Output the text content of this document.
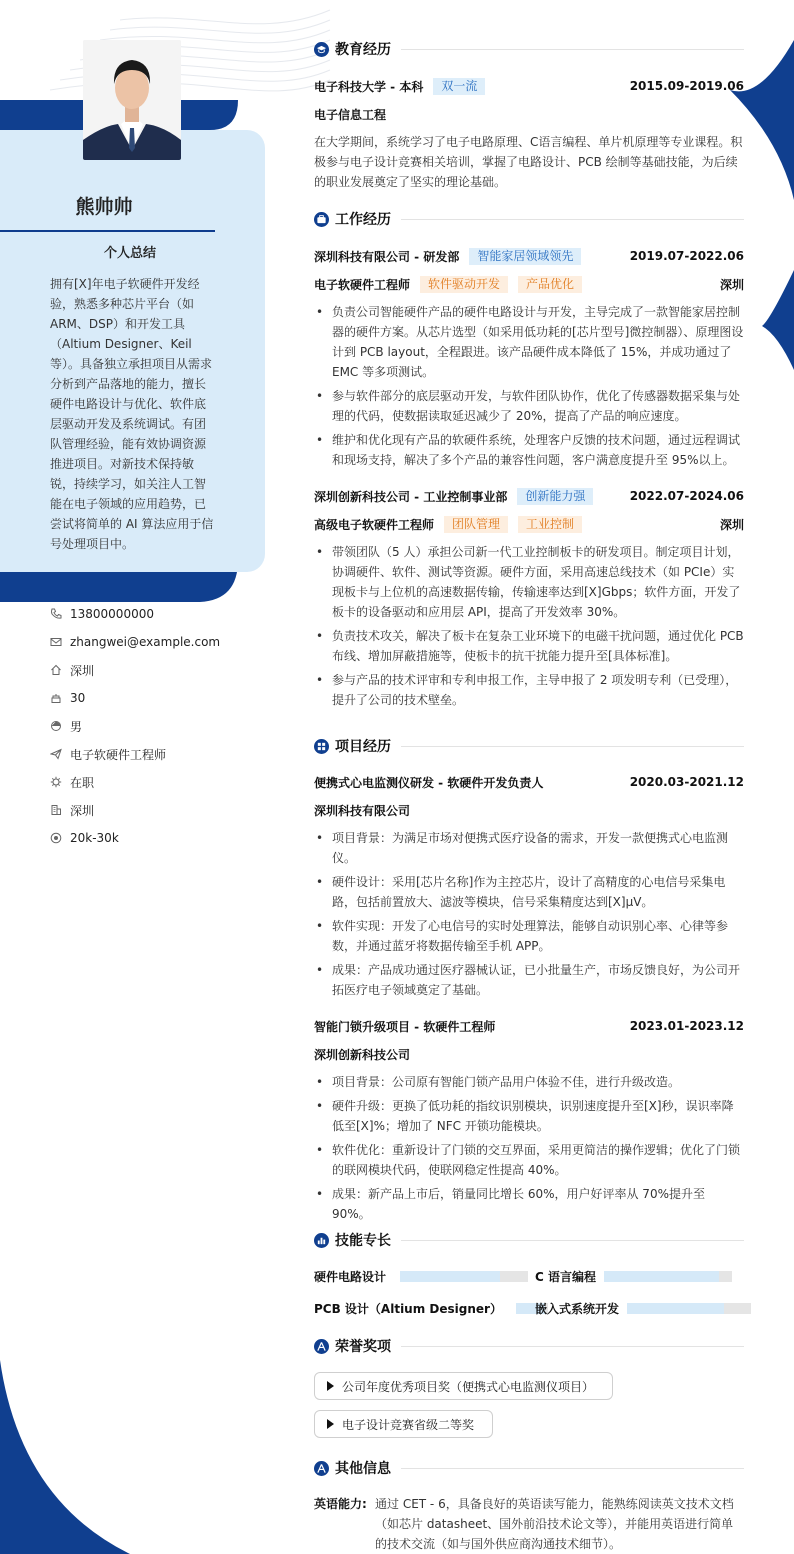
熊帅帅
个人总结
拥有[X]年电子软硬件开发经验，熟悉多种芯片平台（如 ARM、DSP）和开发工具（Altium Designer、Keil 等）。具备独立承担项目从需求分析到产品落地的能力，擅长硬件电路设计与优化、软件底层驱动开发及系统调试。有团队管理经验，能有效协调资源推进项目。对新技术保持敏锐，持续学习，如关注人工智能在电子领域的应用趋势，已尝试将简单的 AI 算法应用于信号处理项目中。
13800000000
zhangwei@example.com
深圳
30
男
电子软硬件工程师
在职
深圳
20k-30k
教育经历
电子科技大学 - 本科	双一流	2015.09-2019.06
电子信息工程
在大学期间，系统学习了电子电路原理、C语言编程、单片机原理等专业课程。积极参与电子设计竞赛相关培训，掌握了电路设计、PCB 绘制等基础技能，为后续的职业发展奠定了坚实的理论基础。
工作经历
深圳科技有限公司 - 研发部	智能家居领域领先	2019.07-2022.06
电子软硬件工程师	软件驱动开发	产品优化	深圳
• 负责公司智能硬件产品的硬件电路设计与开发，主导完成了一款智能家居控制器的硬件方案。从芯片选型（如采用低功耗的[芯片型号]微控制器）、原理图设计到 PCB layout，全程跟进。该产品硬件成本降低了 15%，并成功通过了 EMC 等多项测试。
• 参与软件部分的底层驱动开发，与软件团队协作，优化了传感器数据采集与处理的代码，使数据读取延迟减少了 20%，提高了产品的响应速度。
• 维护和优化现有产品的软硬件系统，处理客户反馈的技术问题，通过远程调试和现场支持，解决了多个产品的兼容性问题，客户满意度提升至 95%以上。
深圳创新科技公司 - 工业控制事业部	创新能力强	2022.07-2024.06
高级电子软硬件工程师	团队管理	工业控制	深圳
• 带领团队（5 人）承担公司新一代工业控制板卡的研发项目。制定项目计划，协调硬件、软件、测试等资源。硬件方面，采用高速总线技术（如 PCIe）实现板卡与上位机的高速数据传输，传输速率达到[X]Gbps；软件方面，开发了板卡的设备驱动和应用层 API，提高了开发效率 30%。
• 负责技术攻关，解决了板卡在复杂工业环境下的电磁干扰问题，通过优化 PCB 布线、增加屏蔽措施等，使板卡的抗干扰能力提升至[具体标准]。
• 参与产品的技术评审和专利申报工作，主导申报了 2 项发明专利（已受理），提升了公司的技术壁垒。
项目经历
便携式心电监测仪研发 - 软硬件开发负责人	2020.03-2021.12
深圳科技有限公司
• 项目背景：为满足市场对便携式医疗设备的需求，开发一款便携式心电监测仪。
• 硬件设计：采用[芯片名称]作为主控芯片，设计了高精度的心电信号采集电路，包括前置放大、滤波等模块，信号采集精度达到[X]μV。
• 软件实现：开发了心电信号的实时处理算法，能够自动识别心率、心律等参数，并通过蓝牙将数据传输至手机 APP。
• 成果：产品成功通过医疗器械认证，已小批量生产，市场反馈良好，为公司开拓医疗电子领域奠定了基础。
智能门锁升级项目 - 软硬件工程师	2023.01-2023.12
深圳创新科技公司
• 项目背景：公司原有智能门锁产品用户体验不佳，进行升级改造。
• 硬件升级：更换了低功耗的指纹识别模块，识别速度提升至[X]秒，误识率降低至[X]%；增加了 NFC 开锁功能模块。
• 软件优化：重新设计了门锁的交互界面，采用更简洁的操作逻辑；优化了门锁的联网模块代码，使联网稳定性提高 40%。
• 成果：新产品上市后，销量同比增长 60%，用户好评率从 70%提升至 90%。
技能专长
硬件电路设计	C 语言编程
PCB 设计（Altium Designer）	嵌入式系统开发
荣誉奖项
公司年度优秀项目奖（便携式心电监测仪项目）
电子设计竞赛省级二等奖
其他信息
英语能力: 通过 CET - 6，具备良好的英语读写能力，能熟练阅读英文技术文档（如芯片 datasheet、国外前沿技术论文等），并能用英语进行简单的技术交流（如与国外供应商沟通技术细节）。
